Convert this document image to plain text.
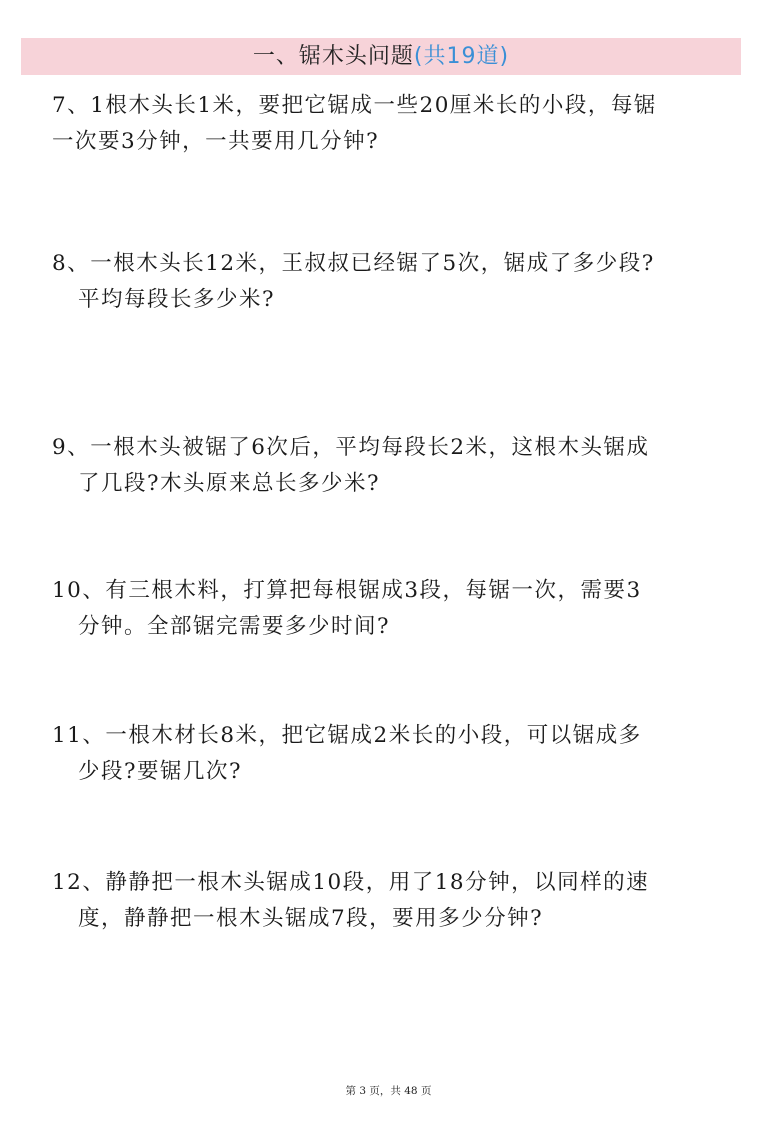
一、锯木头问题(共19道)
7、1根木头长1米，要把它锯成一些20厘米长的小段，每锯
一次要3分钟，一共要用几分钟?
8、一根木头长12米，王叔叔已经锯了5次，锯成了多少段?
平均每段长多少米?
9、一根木头被锯了6次后，平均每段长2米，这根木头锯成
了几段?木头原来总长多少米?
10、有三根木料，打算把每根锯成3段，每锯一次，需要3
分钟。全部锯完需要多少时间?
11、一根木材长8米，把它锯成2米长的小段，可以锯成多
少段?要锯几次?
12、静静把一根木头锯成10段，用了18分钟，以同样的速
度，静静把一根木头锯成7段，要用多少分钟?
第 3 页，共 48 页
